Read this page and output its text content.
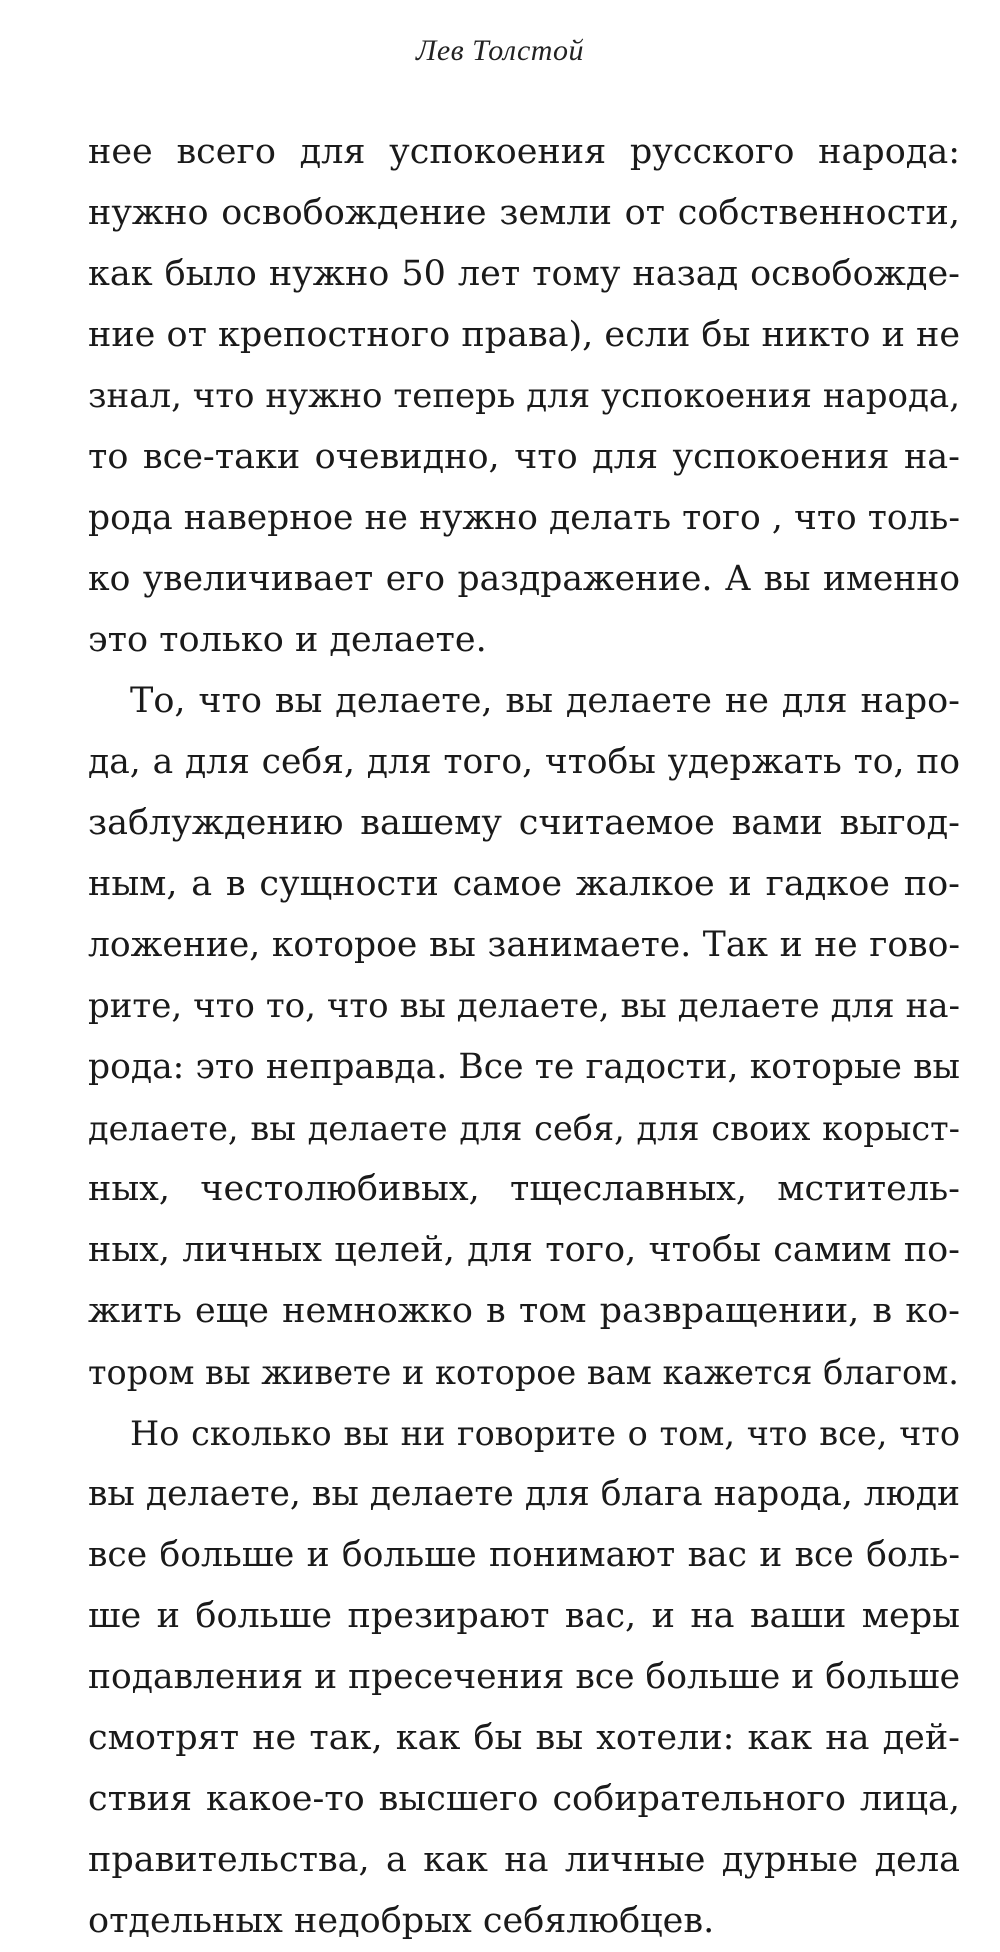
Лев Толстой
нее всего для успокоения русского народа:
нужно освобождение земли от собственности,
как было нужно 50 лет тому назад освобожде-
ние от крепостного права), если бы никто и не
знал, что нужно теперь для успокоения народа,
то все-таки очевидно, что для успокоения на-
рода наверное не нужно делать того , что толь-
ко увеличивает его раздражение. А вы именно
это только и делаете.
То, что вы делаете, вы делаете не для наро-
да, а для себя, для того, чтобы удержать то, по
заблуждению вашему считаемое вами выгод-
ным, а в сущности самое жалкое и гадкое по-
ложение, которое вы занимаете. Так и не гово-
рите, что то, что вы делаете, вы делаете для на-
рода: это неправда. Все те гадости, которые вы
делаете, вы делаете для себя, для своих корыст-
ных, честолюбивых, тщеславных, мститель-
ных, личных целей, для того, чтобы самим по-
жить еще немножко в том развращении, в ко-
тором вы живете и которое вам кажется благом.
Но сколько вы ни говорите о том, что все, что
вы делаете, вы делаете для блага народа, люди
все больше и больше понимают вас и все боль-
ше и больше презирают вас, и на ваши меры
подавления и пресечения все больше и больше
смотрят не так, как бы вы хотели: как на дей-
ствия какое-то высшего собирательного лица,
правительства, а как на личные дурные дела
отдельных недобрых себялюбцев.
